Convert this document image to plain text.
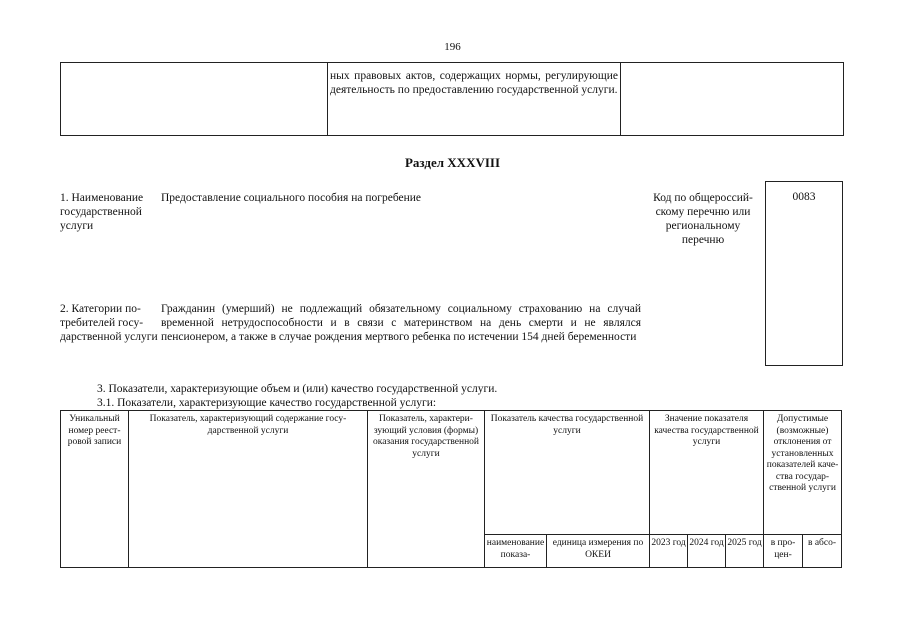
196
ных правовых актов, содержащих нормы, регулирующие деятельность по предоставлению государственной услуги.
Раздел XXXVIII
1. Наименование государственной услуги
Предоставление социального пособия на погребение	Код по общероссийскому перечню или региональному перечню
0083
2. Категории потребителей государственной услуги
Гражданин (умерший) не подлежащий обязательному социальному страхованию на случай временной нетрудоспособности и в связи с материнством на день смерти и не являлся пенсионером, а также в случае рождения мертвого ребенка по истечении 154 дней беременности
3. Показатели, характеризующие объем и (или) качество государственной услуги.
3.1. Показатели, характеризующие качество государственной услуги:
Уникальный номер реестровой записи
Показатель, характеризующий содержание государственной услуги
Показатель, характеризующий условия (формы) оказания государственной услуги
Показатель качества государственной услуги
Значение показателя качества государственной услуги
Допустимые (возможные) отклонения от установленных показателей качества государственной услуги
наименование показа-
единица измерения по ОКЕИ
2023 год 2024 год 2025 год в процен-
в абсо-
